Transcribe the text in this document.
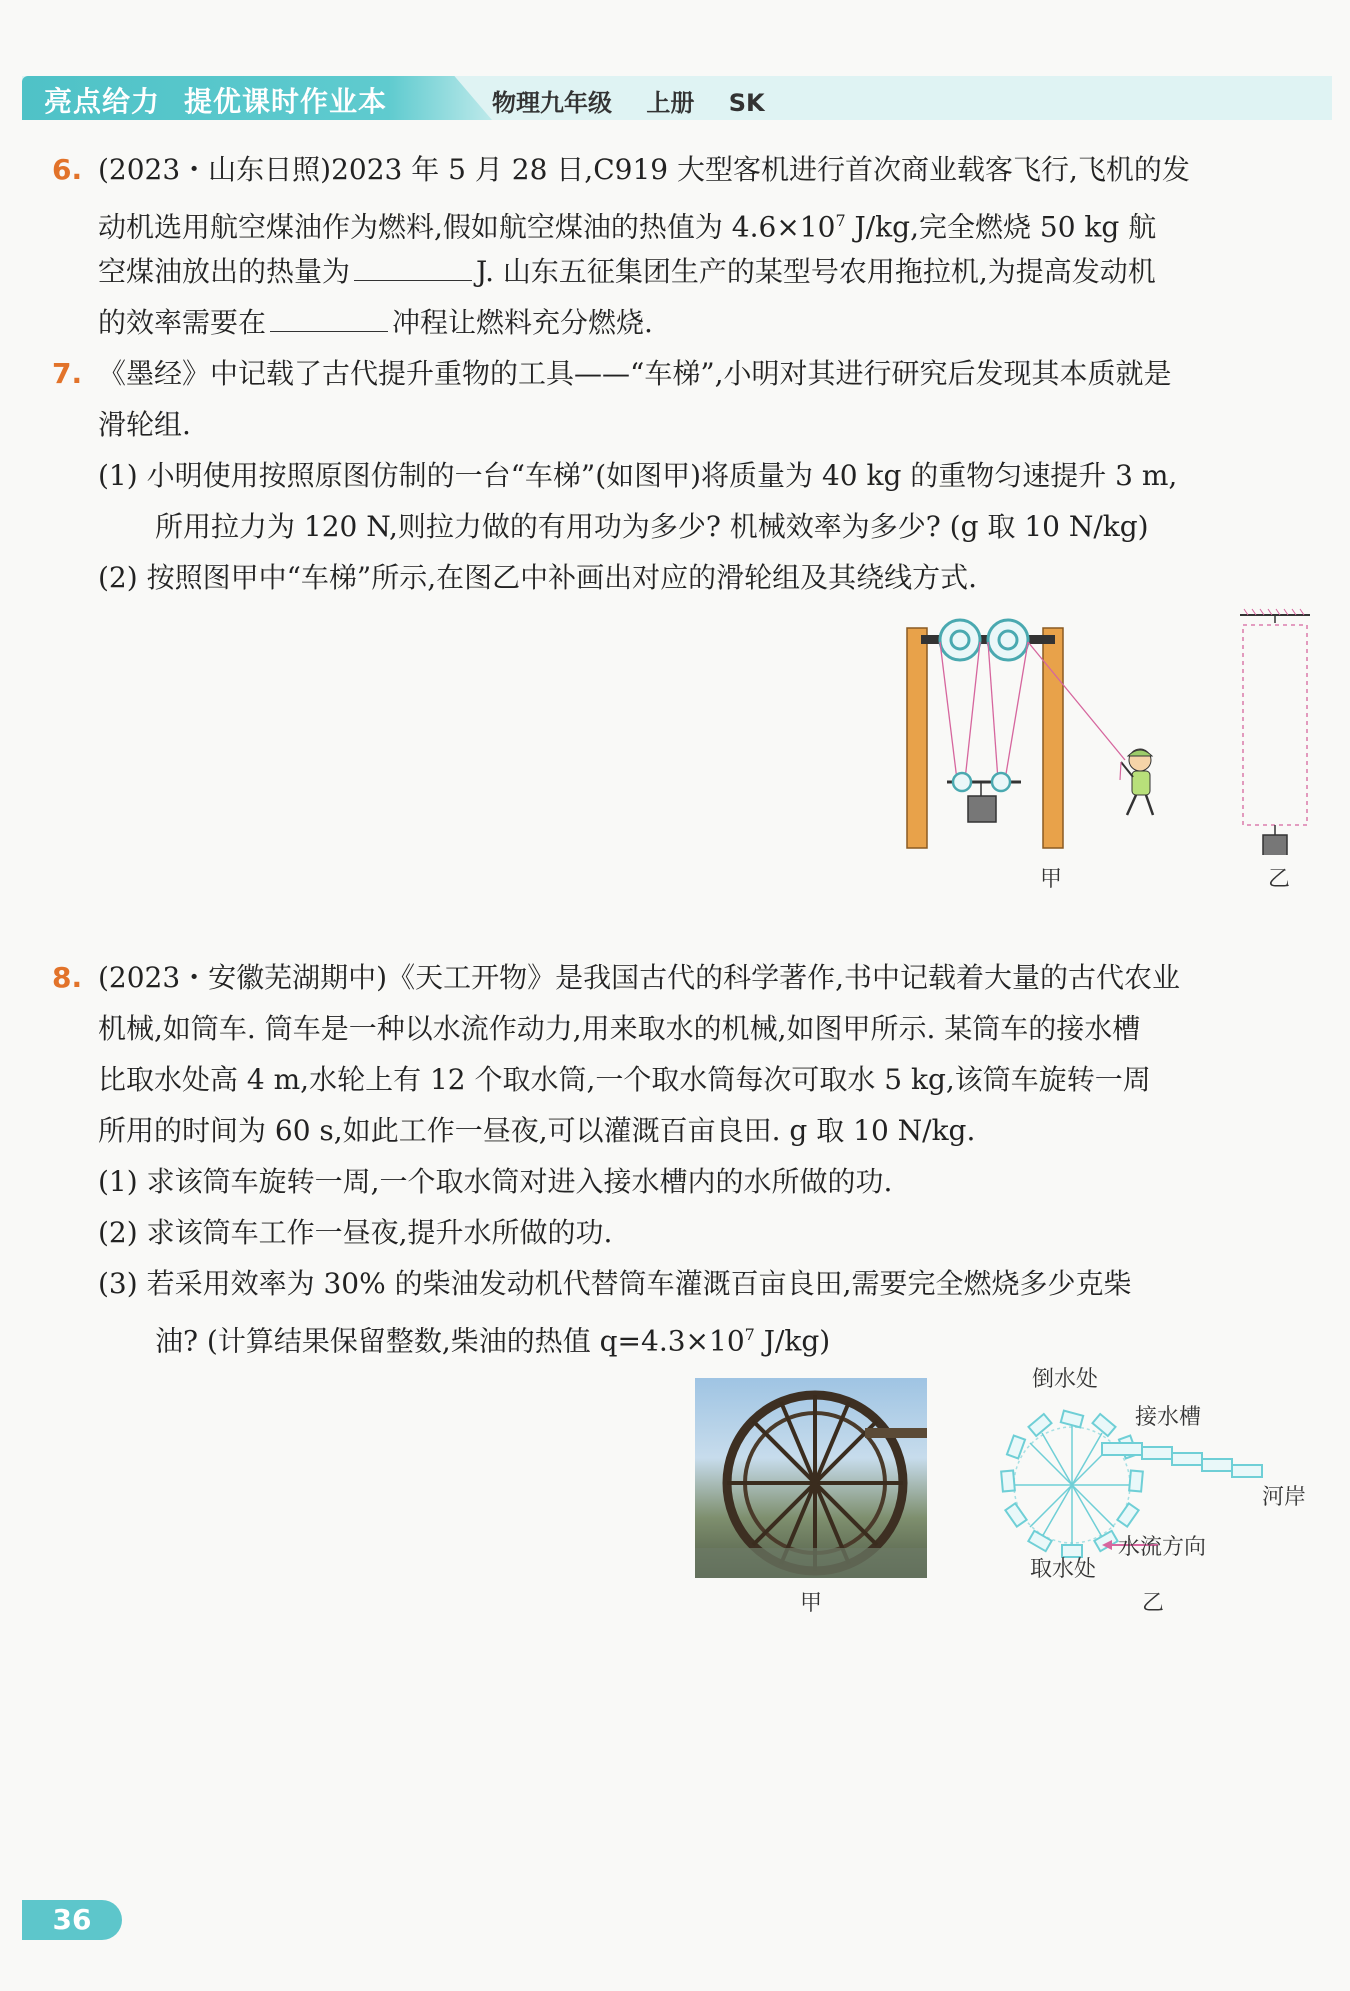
亮点给力 提优课时作业本	物理九年级 上册 SK
6. (2023・山东日照)2023 年 5 月 28 日,C919 大型客机进行首次商业载客飞行,飞机的发
动机选用航空煤油作为燃料,假如航空煤油的热值为 $4.6\times 10^7$ J/kg,完全燃烧 50 kg 航
空煤油放出的热量为	J. 山东五征集团生产的某型号农用拖拉机,为提高发动机
的效率需要在	冲程让燃料充分燃烧.
7. 《墨经》中记载了古代提升重物的工具——“车梯”,小明对其进行研究后发现其本质就是
滑轮组.
(1) 小明使用按照原图仿制的一台“车梯”(如图甲)将质量为 40 kg 的重物匀速提升 3 m,
所用拉力为 120 N,则拉力做的有用功为多少? 机械效率为多少? (g 取 10 N/kg)
(2) 按照图甲中“车梯”所示,在图乙中补画出对应的滑轮组及其绕线方式.
甲	乙
8. (2023・安徽芜湖期中)《天工开物》是我国古代的科学著作,书中记载着大量的古代农业
机械,如筒车. 筒车是一种以水流作动力,用来取水的机械,如图甲所示. 某筒车的接水槽
比取水处高 4 m,水轮上有 12 个取水筒,一个取水筒每次可取水 5 kg,该筒车旋转一周
所用的时间为 60 s,如此工作一昼夜,可以灌溉百亩良田. g 取 10 N/kg.
(1) 求该筒车旋转一周,一个取水筒对进入接水槽内的水所做的功.
(2) 求该筒车工作一昼夜,提升水所做的功.
(3) 若采用效率为 30% 的柴油发动机代替筒车灌溉百亩良田,需要完全燃烧多少克柴
油? (计算结果保留整数,柴油的热值 $q=4.3\times 10^7$ J/kg)
甲
倒水处
接水槽
河岸
水流方向
取水处
乙
36
